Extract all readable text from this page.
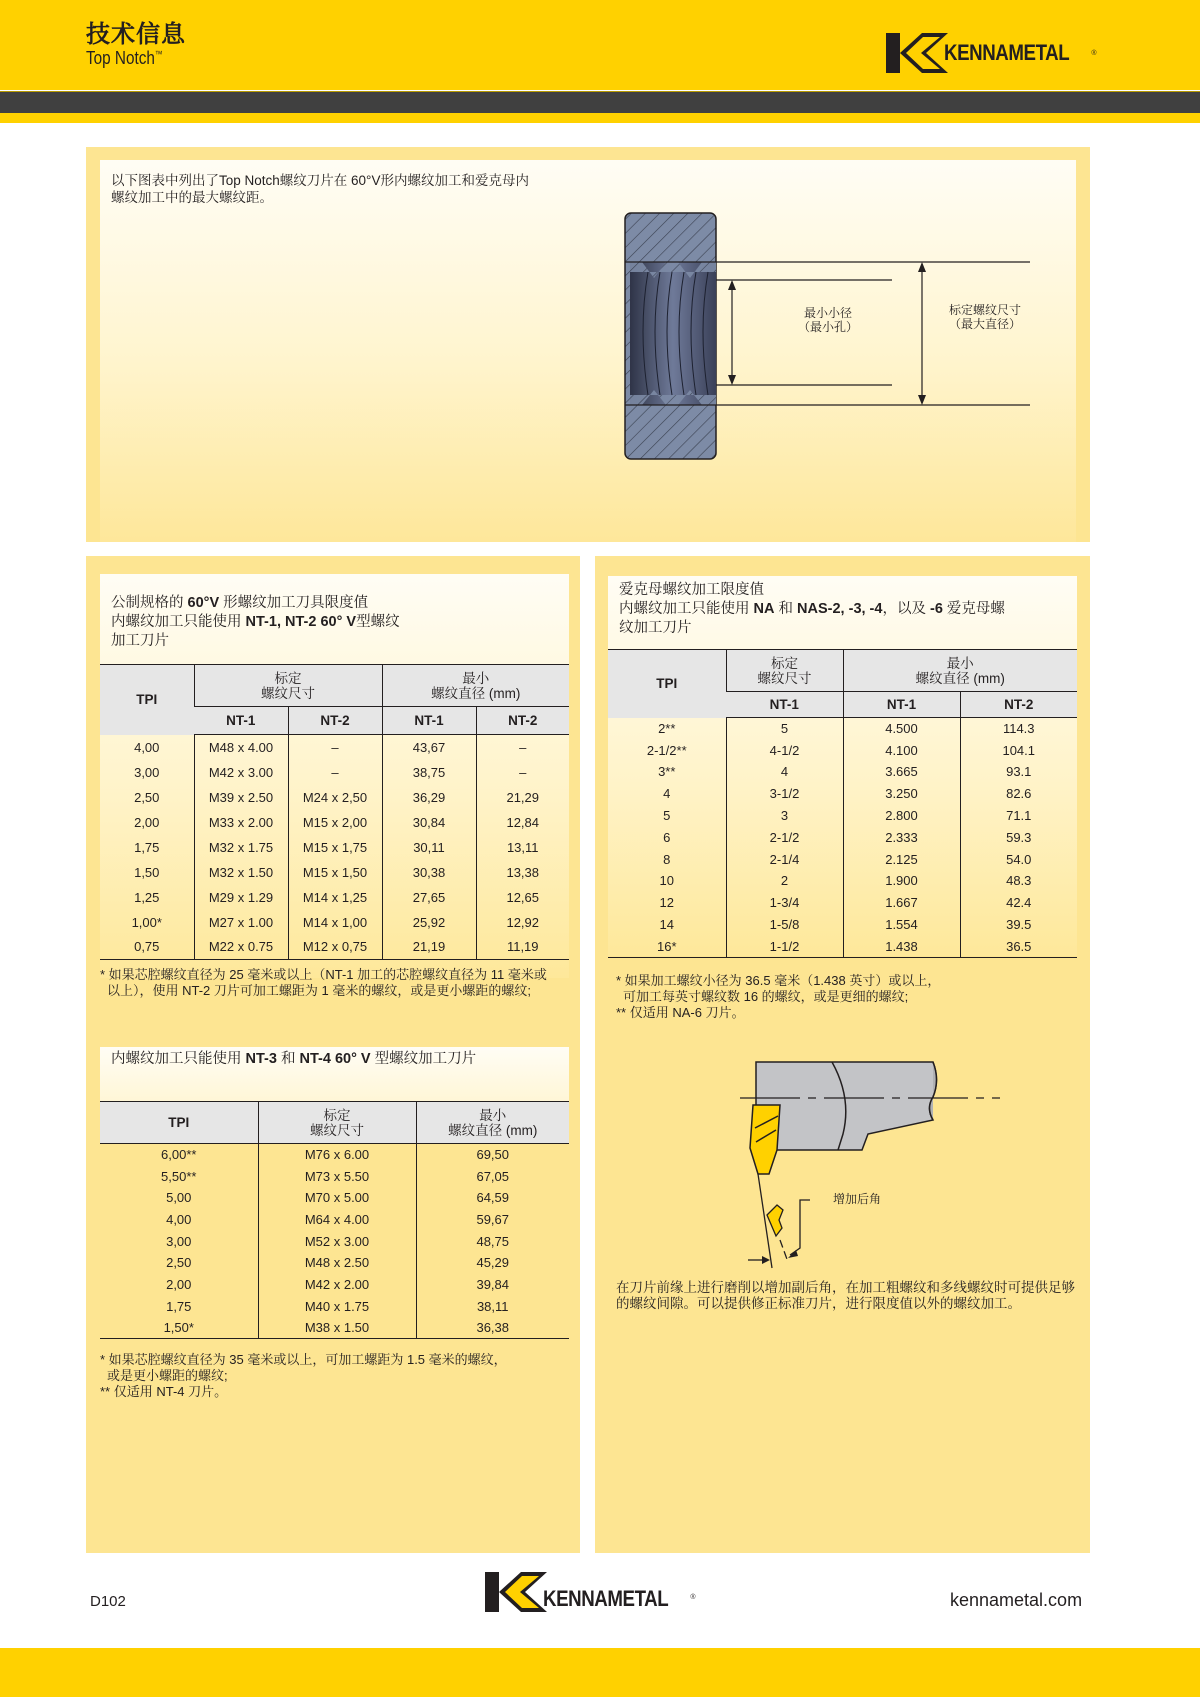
技术信息
Top Notch™	KENNAMETAL	®
以下图表中列出了Top Notch螺纹刀片在 60°V形内螺纹加工和爱克母内
螺纹加工中的最大螺纹距。
最小小径
（最小孔）
标定螺纹尺寸
（最大直径）
公制规格的 60°V 形螺纹加工刀具限度值
内螺纹加工只能使用 NT-1, NT-2 60° V型螺纹
加工刀片
TPI	
标定
螺纹尺寸

最小
螺纹直径 (mm)

	NT-1	NT-2	NT-1	NT-2
4,00	M48 x 4.00	–	43,67	–
3,00	M42 x 3.00	–	38,75	–
2,50	M39 x 2.50	M24 x 2,50	36,29	21,29
2,00	M33 x 2.00	M15 x 2,00	30,84	12,84
1,75	M32 x 1.75	M15 x 1,75	30,11	13,11
1,50	M32 x 1.50	M15 x 1,50	30,38	13,38
1,25	M29 x 1.29	M14 x 1,25	27,65	12,65
1,00*	M27 x 1.00	M14 x 1,00	25,92	12,92
0,75	M22 x 0.75	M12 x 0,75	21,19	11,19
* 如果芯腔螺纹直径为 25 毫米或以上（NT-1 加工的芯腔螺纹直径为 11 毫米或
以上），使用 NT-2 刀片可加工螺距为 1 毫米的螺纹，或是更小螺距的螺纹;
内螺纹加工只能使用 NT-3 和 NT-4 60° V 型螺纹加工刀片
TPI	标定
螺纹尺寸

最小
螺纹直径 (mm)

6,00**	M76 x 6.00	69,50
5,50**	M73 x 5.50	67,05
5,00	M70 x 5.00	64,59
4,00	M64 x 4.00	59,67
3,00	M52 x 3.00	48,75
2,50	M48 x 2.50	45,29
2,00	M42 x 2.00	39,84
1,75	M40 x 1.75	38,11
1,50*	M38 x 1.50	36,38
* 如果芯腔螺纹直径为 35 毫米或以上，可加工螺距为 1.5 毫米的螺纹，
或是更小螺距的螺纹;
** 仅适用 NT-4 刀片。
爱克母螺纹加工限度值
内螺纹加工只能使用 NA 和 NAS-2, -3, -4，以及 -6 爱克母螺
纹加工刀片
TPI	
标定
螺纹尺寸

最小
螺纹直径 (mm)

	NT-1	NT-1	NT-2
2**	5	4.500	114.3
2-1/2**	4-1/2	4.100	104.1
3**	4	3.665	93.1
4	3-1/2	3.250	82.6
5	3	2.800	71.1
6	2-1/2	2.333	59.3
8	2-1/4	2.125	54.0
10	2	1.900	48.3
12	1-3/4	1.667	42.4
14	1-5/8	1.554	39.5
16*	1-1/2	1.438	36.5
* 如果加工螺纹小径为 36.5 毫米（1.438 英寸）或以上，
可加工每英寸螺纹数 16 的螺纹，或是更细的螺纹;
** 仅适用 NA-6 刀片。
增加后角
在刀片前缘上进行磨削以增加副后角，在加工粗螺纹和多线螺纹时可提供足够
的螺纹间隙。可以提供修正标准刀片，进行限度值以外的螺纹加工。
D102	KENNAMETAL	®	kennametal.com
